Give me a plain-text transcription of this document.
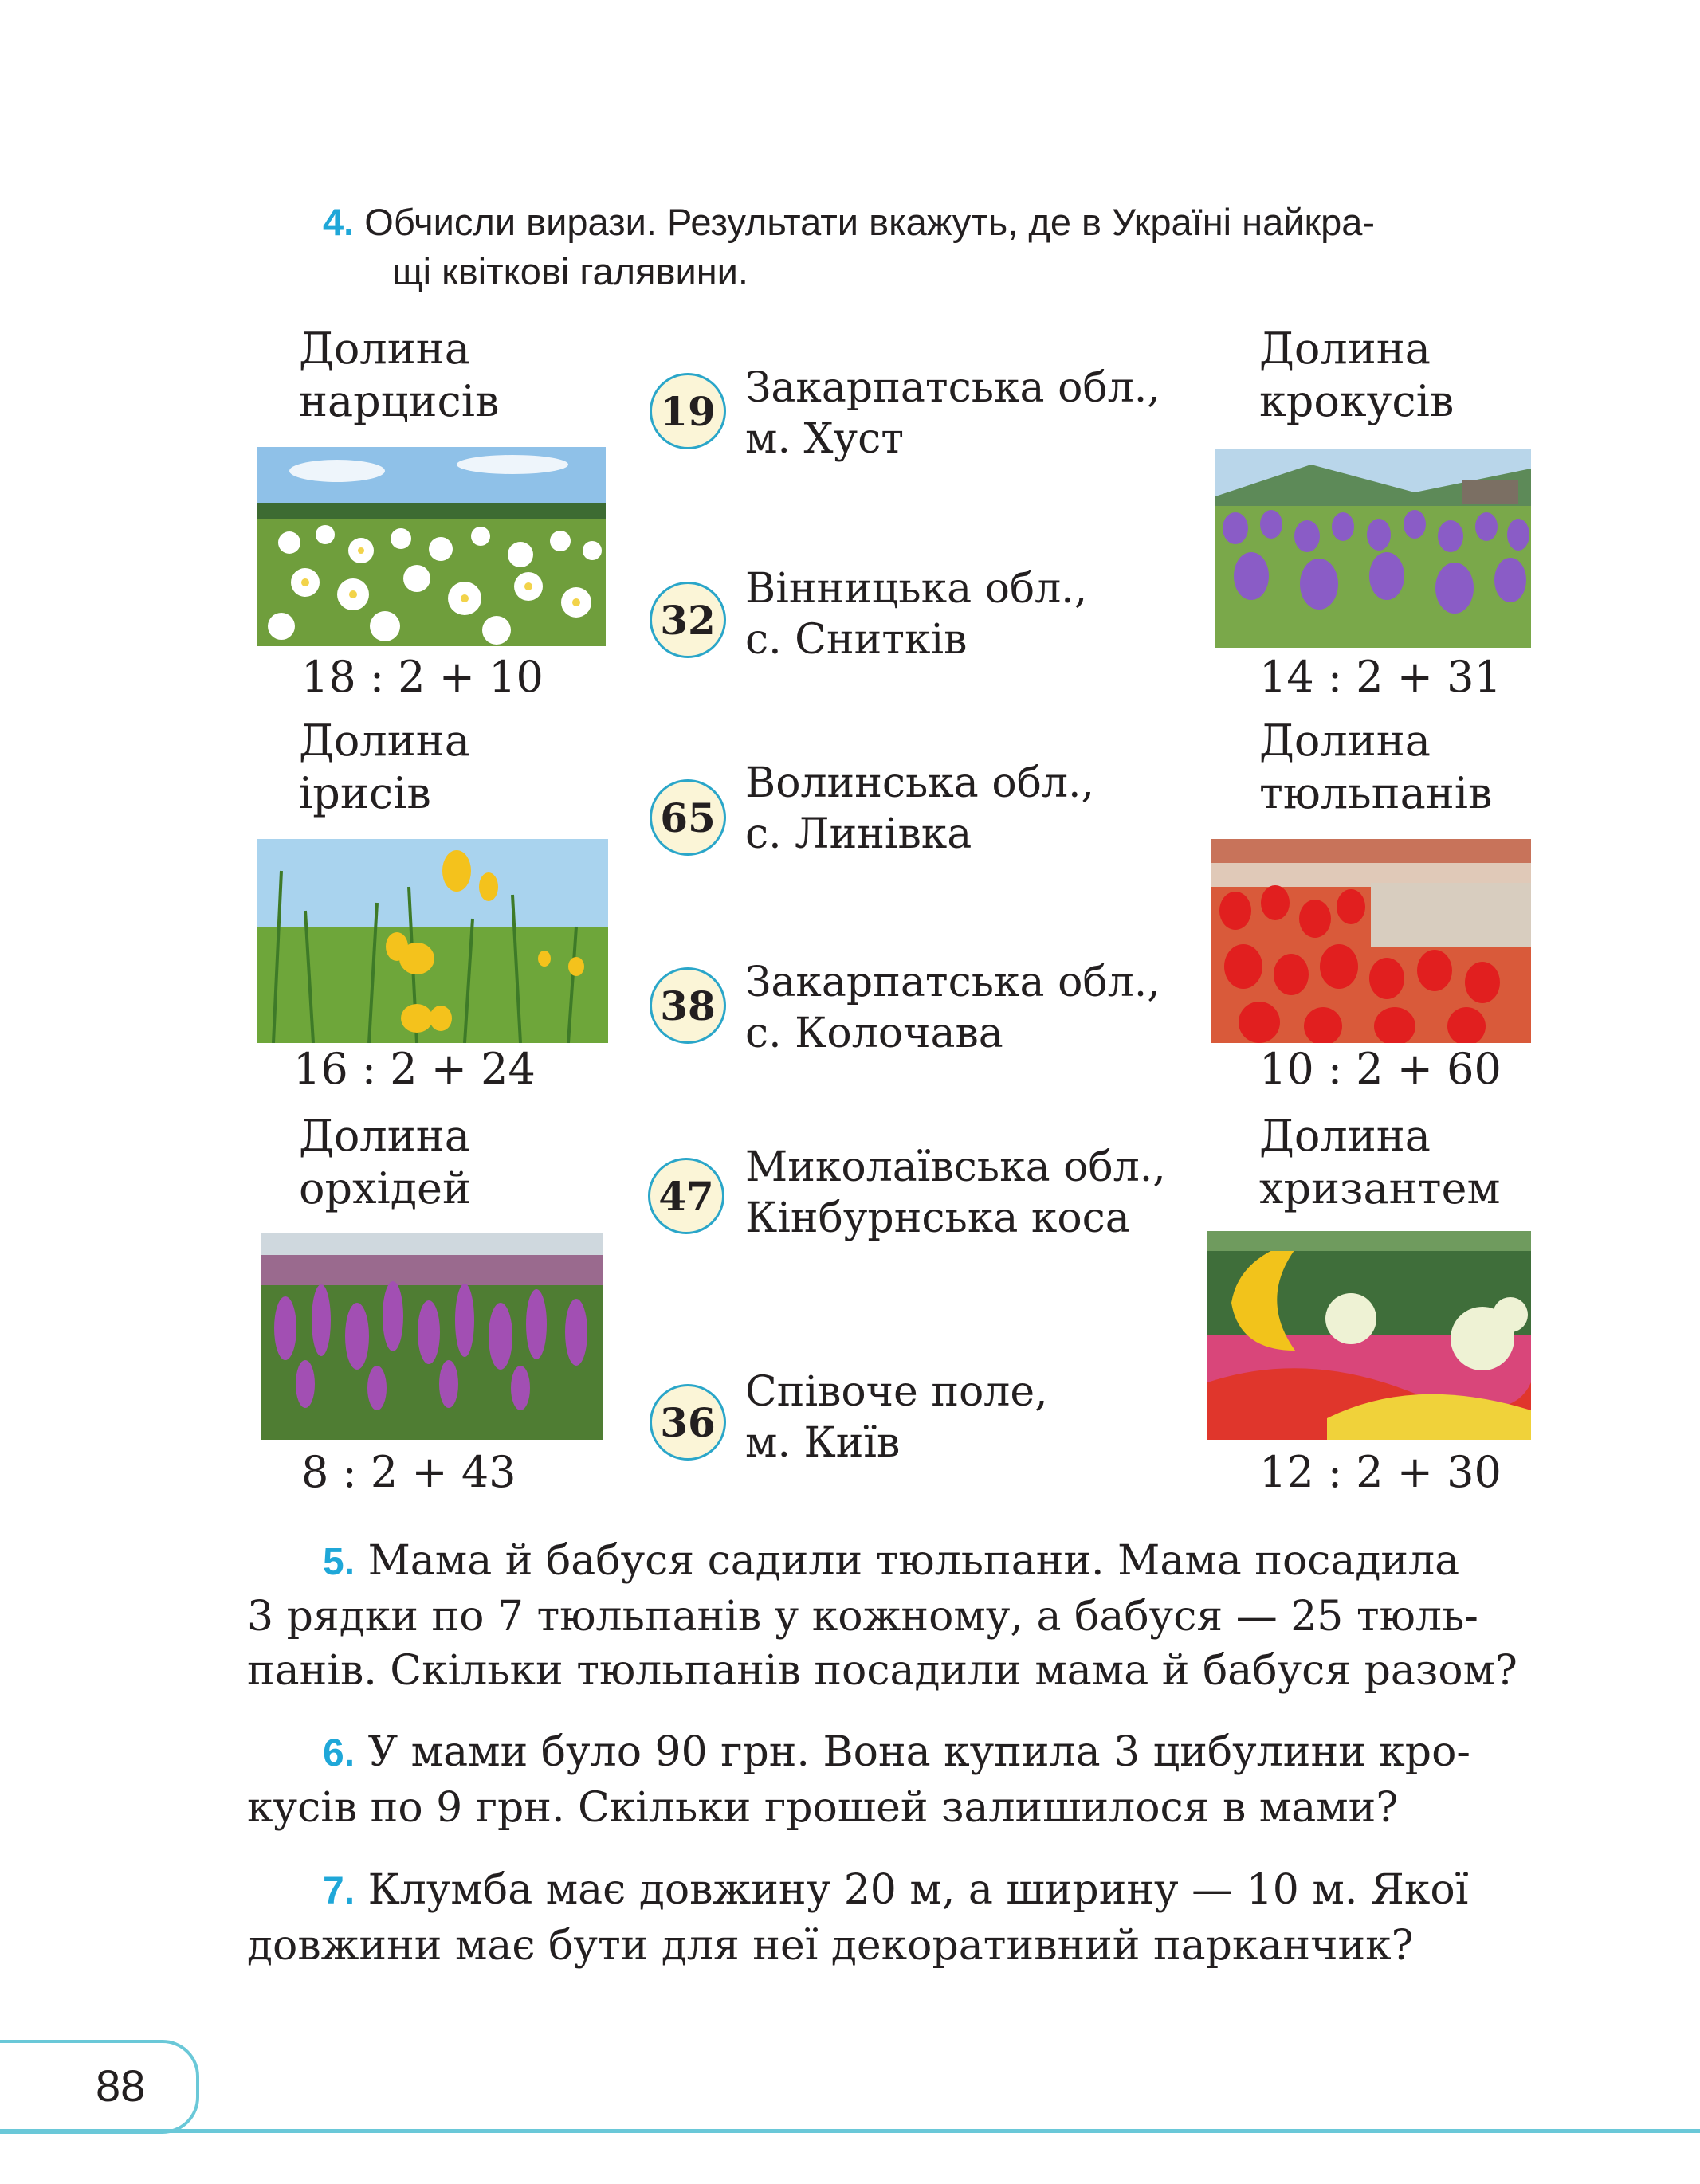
4. Обчисли вирази. Результати вкажуть, де в Україні найкра-
щі квіткові галявини.
Долина
нарцисів
18 : 2 + 10
Долина
ірисів
16 : 2 + 24
Долина
орхідей
8 : 2 + 43
Долина
крокусів
14 : 2 + 31
Долина
тюльпанів
10 : 2 + 60
Долина
хризантем
12 : 2 + 30
19 Закарпатська обл.,
м. Хуст
32
Вінницька обл.,
с. Сниткiв
65
Волинська обл.,
с. Линiвка
38 Закарпатська обл.,
с. Колочава
47
Миколаївська обл.,
Кiнбурнська коса
36
Співоче поле,
м. Київ
5. Мама й бабуся садили тюльпани. Мама посадила
3 рядки по 7 тюльпанів у кожному, а бабуся — 25 тюль-
панів. Скільки тюльпанів посадили мама й бабуся разом?
6. У мами було 90 грн. Вона купила 3 цибулини кро-
кусів по 9 грн. Скільки грошей залишилося в мами?
7. Клумба має довжину 20 м, а ширину — 10 м. Якої
довжини має бути для неї декоративний парканчик?
88
